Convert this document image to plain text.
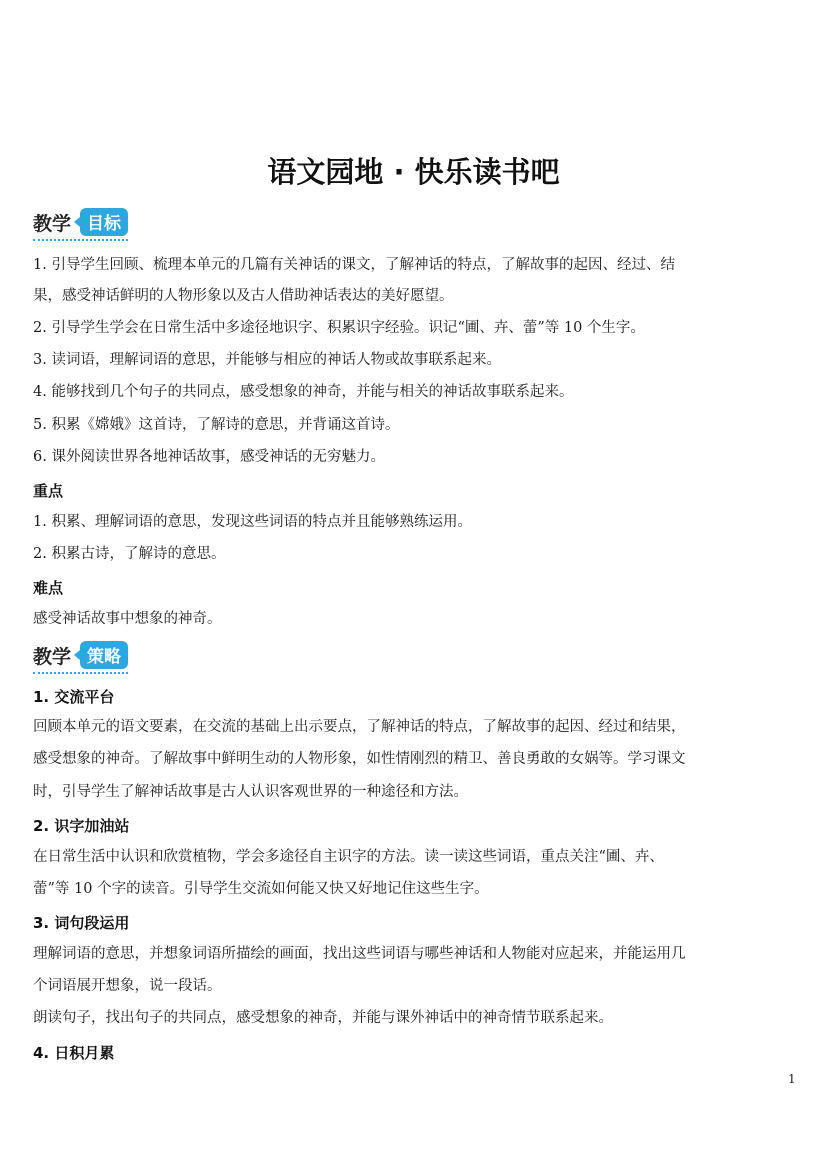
语文园地 · 快乐读书吧
教学 目标
1. 引导学生回顾、梳理本单元的几篇有关神话的课文，了解神话的特点，了解故事的起因、经过、结
果，感受神话鲜明的人物形象以及古人借助神话表达的美好愿望。
2. 引导学生学会在日常生活中多途径地识字、积累识字经验。识记“圃、卉、蕾”等 10 个生字。
3. 读词语，理解词语的意思，并能够与相应的神话人物或故事联系起来。
4. 能够找到几个句子的共同点，感受想象的神奇，并能与相关的神话故事联系起来。
5. 积累《嫦娥》这首诗，了解诗的意思，并背诵这首诗。
6. 课外阅读世界各地神话故事，感受神话的无穷魅力。
重点
1. 积累、理解词语的意思，发现这些词语的特点并且能够熟练运用。
2. 积累古诗，了解诗的意思。
难点
感受神话故事中想象的神奇。
教学 策略
1. 交流平台
回顾本单元的语文要素，在交流的基础上出示要点，了解神话的特点，了解故事的起因、经过和结果，
感受想象的神奇。了解故事中鲜明生动的人物形象，如性情刚烈的精卫、善良勇敢的女娲等。学习课文
时，引导学生了解神话故事是古人认识客观世界的一种途径和方法。
2. 识字加油站
在日常生活中认识和欣赏植物，学会多途径自主识字的方法。读一读这些词语，重点关注“圃、卉、
蕾”等 10 个字的读音。引导学生交流如何能又快又好地记住这些生字。
3. 词句段运用
理解词语的意思，并想象词语所描绘的画面，找出这些词语与哪些神话和人物能对应起来，并能运用几
个词语展开想象，说一段话。
朗读句子，找出句子的共同点，感受想象的神奇，并能与课外神话中的神奇情节联系起来。
4. 日积月累
1
